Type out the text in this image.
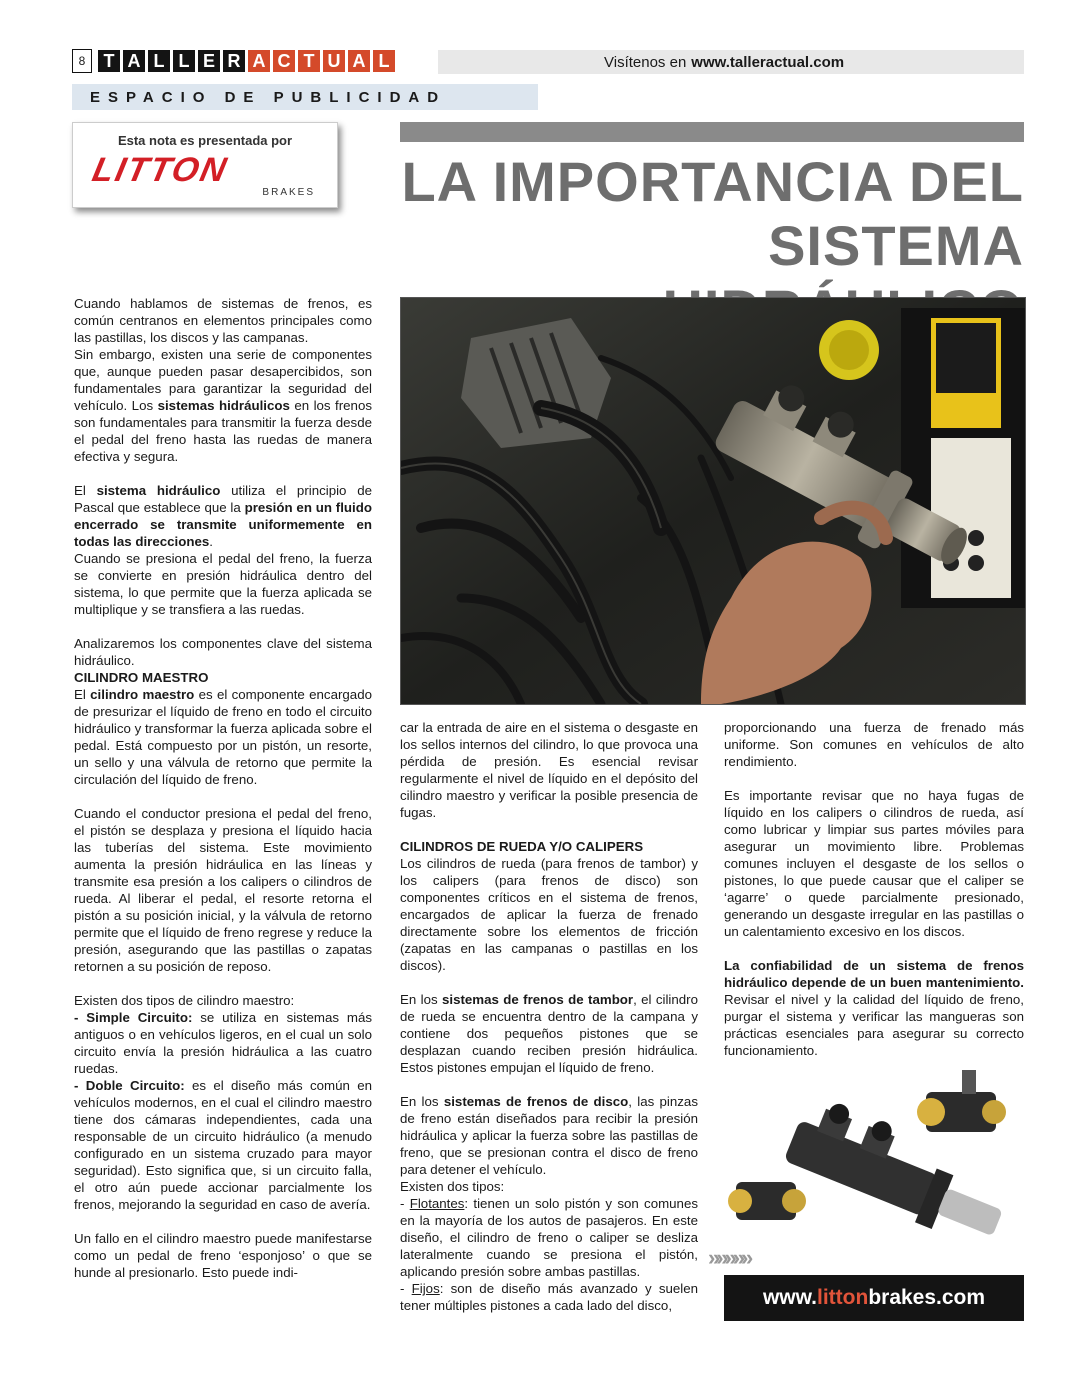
8	T A L L E R A C T U A L	Visítenos en www.talleractual.com
ESPACIO DE PUBLICIDAD
Esta nota es presentada por
LITTON
BRAKES LA IMPORTANCIA DEL
SISTEMA

Cuando hablamos de sistemas de frenos, es común centranos en elementos principales como las pastillas, los discos y las campanas.

Sin embargo, existen una serie de componentes que, aunque pueden pasar desapercibidos, son fundamentales para garantizar la seguridad del vehículo. Los sistemas hidráulicos en los frenos son fundamentales para transmitir la fuerza desde el pedal del freno hasta las ruedas de manera efectiva y segura.

El sistema hidráulico utiliza el principio de Pascal que establece que la presión en un fluido encerrado se transmite uniformemente en todas las direcciones.

Cuando se presiona el pedal del freno, la fuerza se convierte en presión hidráulica dentro del sistema, lo que permite que la fuerza aplicada se multiplique y se transfiera a las ruedas.

Analizaremos los componentes clave del sistema hidráulico.

CILINDRO MAESTRO

El cilindro maestro es el componente encargado de presurizar el líquido de freno en todo el circuito hidráulico y transformar la fuerza aplicada sobre el pedal. Está compuesto por un pistón, un resorte, un sello y una válvula de retorno que permite la circulación del líquido de freno.

Cuando el conductor presiona el pedal del freno, el pistón se desplaza y presiona el líquido hacia las tuberías del sistema. Este movimiento aumenta la presión hidráulica en las líneas y transmite esa presión a los calipers o cilindros de rueda. Al liberar el pedal, el resorte retorna el pistón a su posición inicial, y la válvula de retorno permite que el líquido de freno regrese y reduce la presión, asegurando que las pastillas o zapatas retornen a su posición de reposo.

Existen dos tipos de cilindro maestro:

- Simple Circuito: se utiliza en sistemas más antiguos o en vehículos ligeros, en el cual un solo circuito envía la presión hidráulica a las cuatro ruedas.

- Doble Circuito: es el diseño más común en vehículos modernos, en el cual el cilindro maestro tiene dos cámaras independientes, cada una responsable de un circuito hidráulico (a menudo configurado en un sistema cruzado para mayor seguridad). Esto significa que, si un circuito falla, el otro aún puede accionar parcialmente los frenos, mejorando la seguridad en caso de avería.

Un fallo en el cilindro maestro puede manifestarse como un pedal de freno ‘esponjoso’ o que se hunde al presionarlo. Esto puede indi-

car la entrada de aire en el sistema o desgaste en los sellos internos del cilindro, lo que provoca una pérdida de presión. Es esencial revisar regularmente el nivel de líquido en el depósito del cilindro maestro y verificar la posible presencia de fugas.

CILINDROS DE RUEDA Y/O CALIPERS

Los cilindros de rueda (para frenos de tambor) y los calipers (para frenos de disco) son componentes críticos en el sistema de frenos, encargados de aplicar la fuerza de frenado directamente sobre los elementos de fricción (zapatas en las campanas o pastillas en los discos).

En los sistemas de frenos de tambor, el cilindro de rueda se encuentra dentro de la campana y contiene dos pequeños pistones que se desplazan cuando reciben presión hidráulica. Estos pistones empujan el líquido de freno.

En los sistemas de frenos de disco, las pinzas de freno están diseñados para recibir la presión hidráulica y aplicar la fuerza sobre las pastillas de freno, que se presionan contra el disco de freno para detener el vehículo.

Existen dos tipos:

- Flotantes: tienen un solo pistón y son comunes en la mayoría de los autos de pasajeros. En este diseño, el cilindro de freno o caliper se desliza lateralmente cuando se presiona el pistón, aplicando presión sobre ambas pastillas.

- Fijos: son de diseño más avanzado y suelen tener múltiples pistones a cada lado del disco,

proporcionando una fuerza de frenado más uniforme. Son comunes en vehículos de alto rendimiento.

Es importante revisar que no haya fugas de líquido en los calipers o cilindros de rueda, así como lubricar y limpiar sus partes móviles para asegurar un movimiento libre. Problemas comunes incluyen el desgaste de los sellos o pistones, lo que puede causar que el caliper se ‘agarre’ o quede parcialmente presionado, generando un desgaste irregular en las pastillas o un calentamiento excesivo en los discos.

La confiabilidad de un sistema de frenos hidráulico depende de un buen mantenimiento. Revisar el nivel y la calidad del líquido de freno, purgar el sistema y verificar las mangueras son prácticas esenciales para asegurar su correcto funcionamiento.

»»»»»
www. litton brakes.com
